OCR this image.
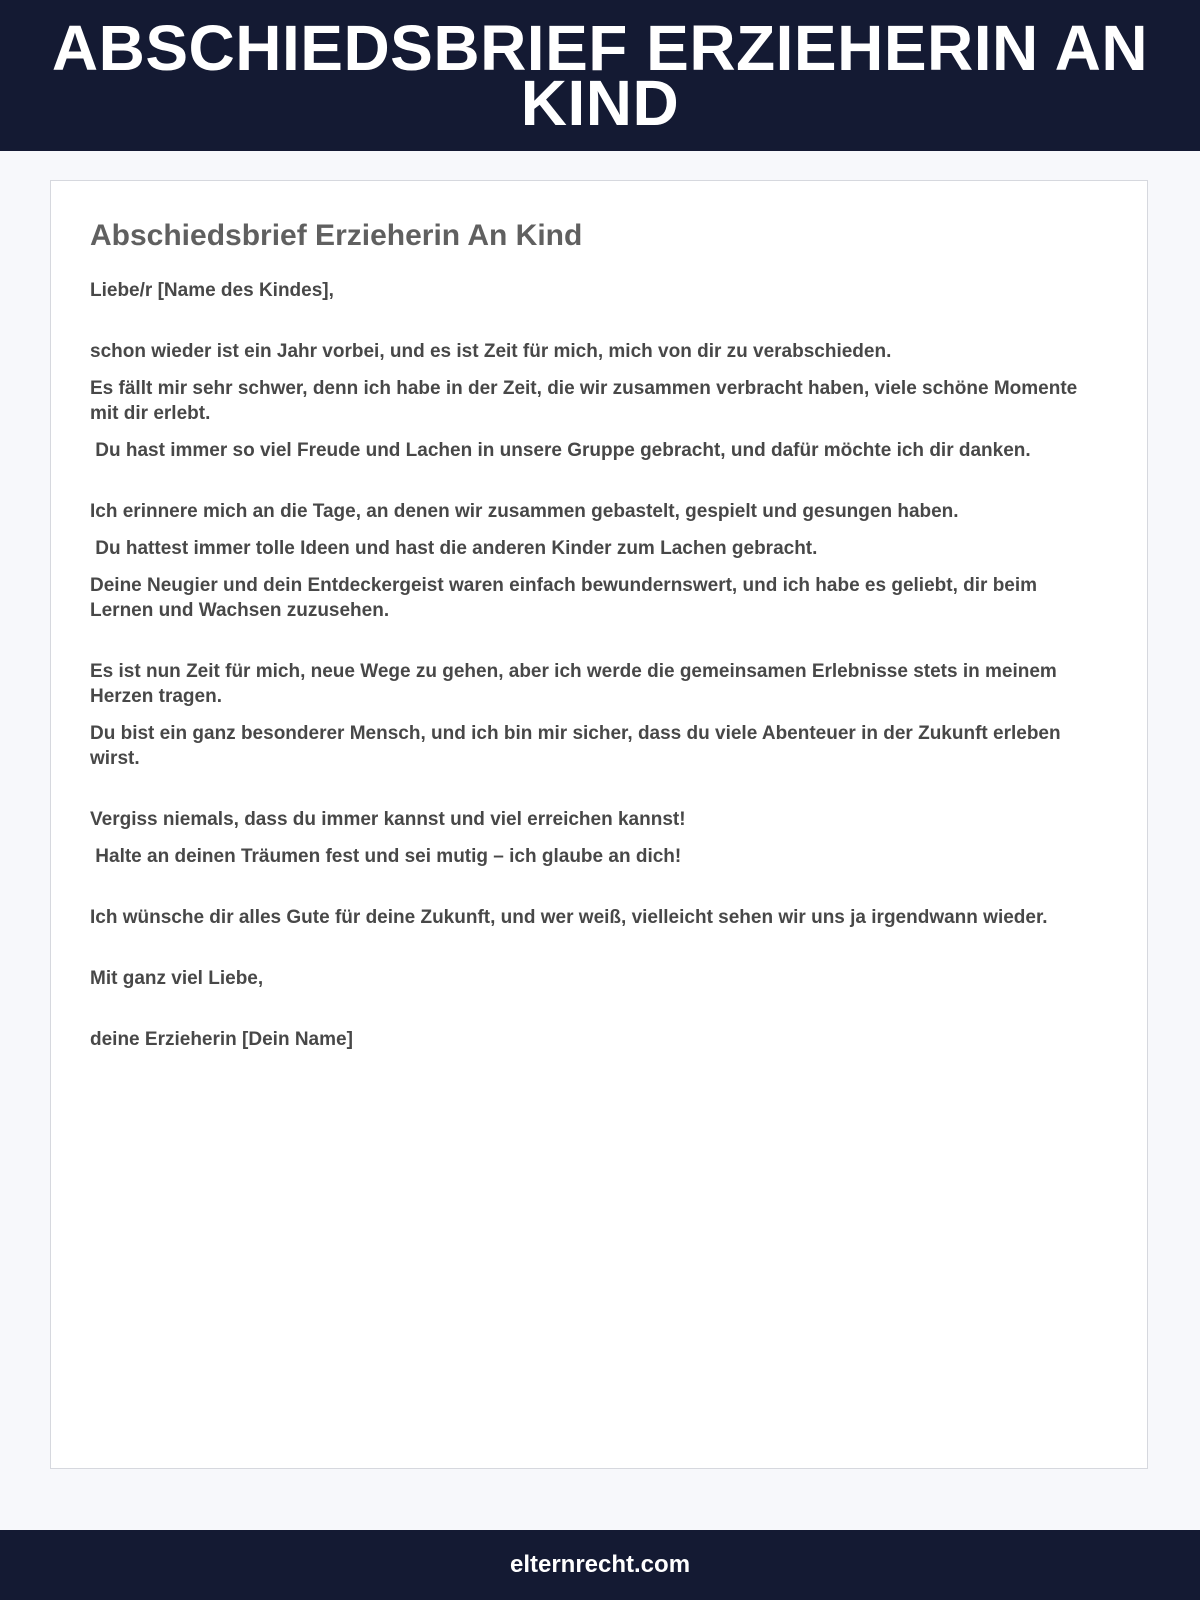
ABSCHIEDSBRIEF ERZIEHERIN AN KIND
Abschiedsbrief Erzieherin An Kind

Liebe/r [Name des Kindes],

schon wieder ist ein Jahr vorbei, und es ist Zeit für mich, mich von dir zu verabschieden.

Es fällt mir sehr schwer, denn ich habe in der Zeit, die wir zusammen verbracht haben, viele schöne Momente mit dir erlebt.

Du hast immer so viel Freude und Lachen in unsere Gruppe gebracht, und dafür möchte ich dir danken.

Ich erinnere mich an die Tage, an denen wir zusammen gebastelt, gespielt und gesungen haben.

Du hattest immer tolle Ideen und hast die anderen Kinder zum Lachen gebracht.

Deine Neugier und dein Entdeckergeist waren einfach bewundernswert, und ich habe es geliebt, dir beim Lernen und Wachsen zuzusehen.

Es ist nun Zeit für mich, neue Wege zu gehen, aber ich werde die gemeinsamen Erlebnisse stets in meinem Herzen tragen.

Du bist ein ganz besonderer Mensch, und ich bin mir sicher, dass du viele Abenteuer in der Zukunft erleben wirst.

Vergiss niemals, dass du immer kannst und viel erreichen kannst!

Halte an deinen Träumen fest und sei mutig – ich glaube an dich!

Ich wünsche dir alles Gute für deine Zukunft, und wer weiß, vielleicht sehen wir uns ja irgendwann wieder.

Mit ganz viel Liebe,

deine Erzieherin [Dein Name]

elternrecht.com
